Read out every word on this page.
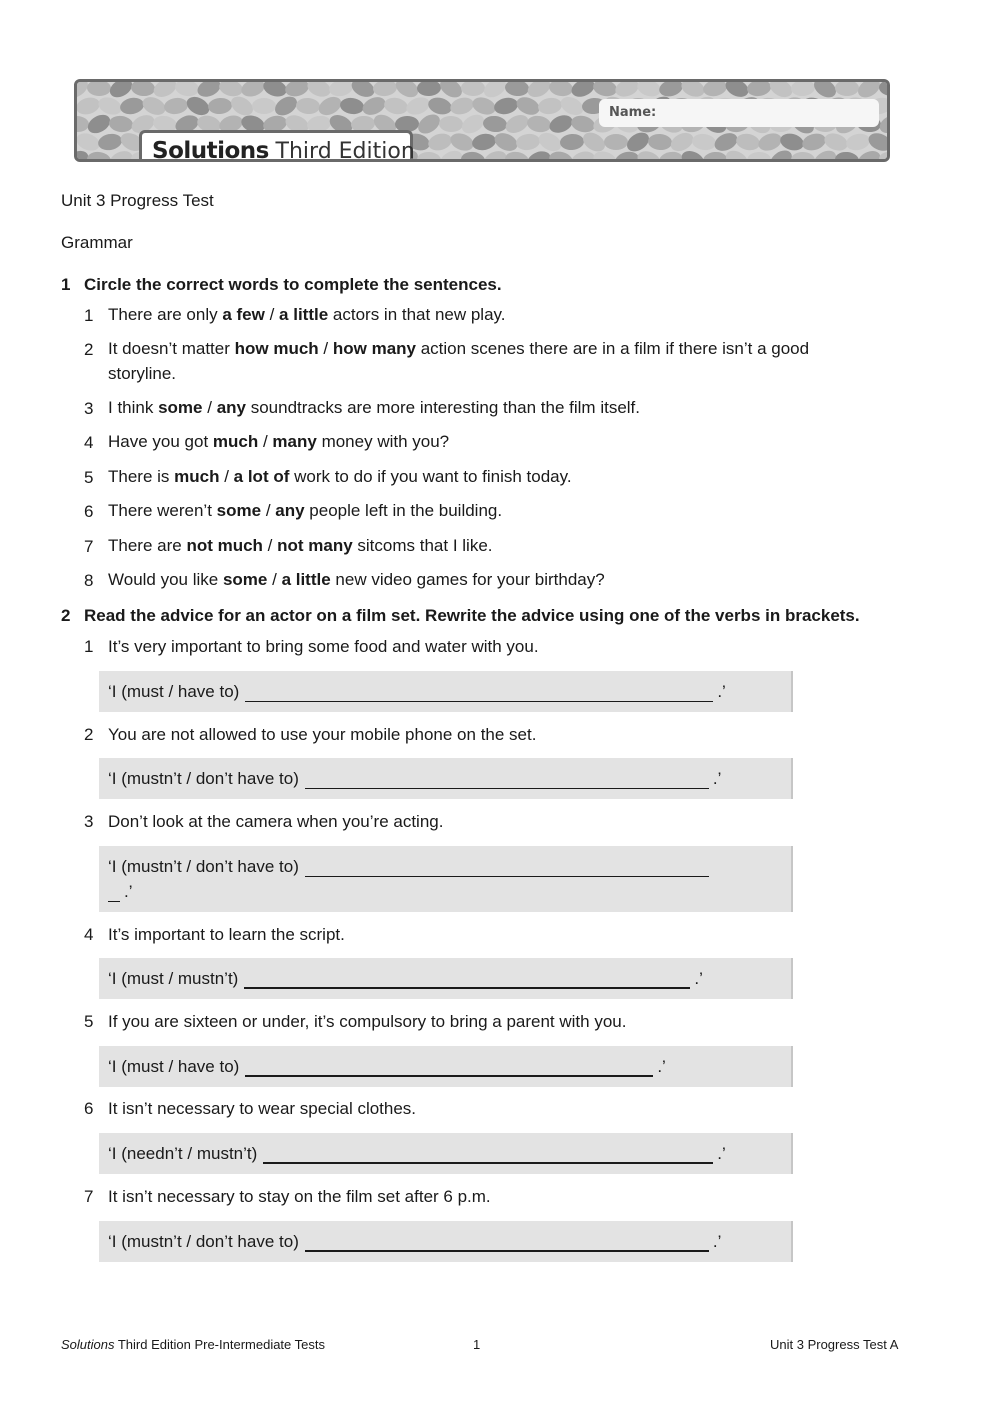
Name:
Solutions Third Edition
Unit 3 Progress Test
Grammar
1 Circle the correct words to complete the sentences.
1 There are only a few / a little actors in that new play.
2 It doesn’t matter how much / how many action scenes there are in a film if there isn’t a good
storyline.
3 I think some / any soundtracks are more interesting than the film itself.
4 Have you got much / many money with you?
5 There is much / a lot of work to do if you want to finish today.
6 There weren’t some / any people left in the building.
7 There are not much / not many sitcoms that I like.
8 Would you like some / a little new video games for your birthday?
2 Read the advice for an actor on a film set. Rewrite the advice using one of the verbs in brackets.
1 It’s very important to bring some food and water with you.
‘I (must / have to)	.’
2 You are not allowed to use your mobile phone on the set.
‘I (mustn’t / don’t have to)	.’
3 Don’t look at the camera when you’re acting.
‘I (mustn’t / don’t have to)
.’
4 It’s important to learn the script.
‘I (must / mustn’t)	.’
5 If you are sixteen or under, it’s compulsory to bring a parent with you.
‘I (must / have to)	.’
6 It isn’t necessary to wear special clothes.
‘I (needn’t / mustn’t)	.’
7 It isn’t necessary to stay on the film set after 6 p.m.
‘I (mustn’t / don’t have to)	.’
Solutions Third Edition Pre-Intermediate Tests	1	Unit 3 Progress Test A
